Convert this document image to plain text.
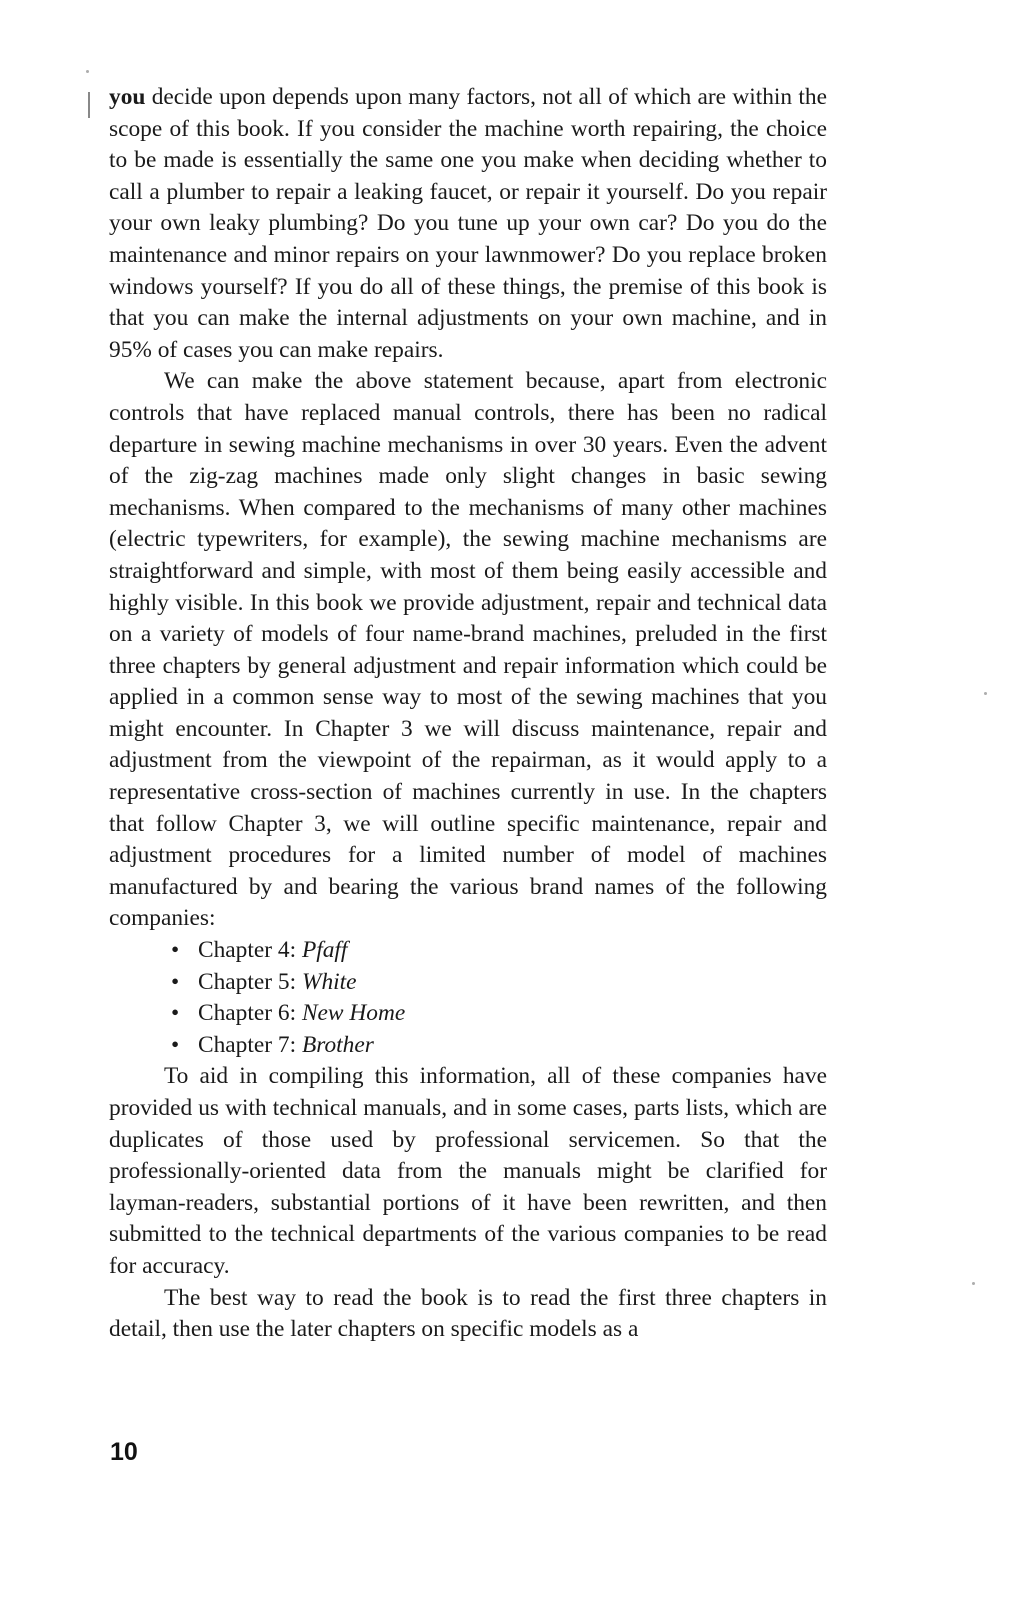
you decide upon depends upon many factors, not all of which are within the scope of this book. If you consider the machine worth repairing, the choice to be made is essentially the same one you make when deciding whether to call a plumber to repair a leaking faucet, or repair it yourself. Do you repair your own leaky plumbing? Do you tune up your own car? Do you do the maintenance and minor repairs on your lawnmower? Do you replace broken windows yourself? If you do all of these things, the premise of this book is that you can make the internal adjustments on your own machine, and in 95% of cases you can make repairs.

We can make the above statement because, apart from electronic controls that have replaced manual controls, there has been no radical departure in sewing machine mechanisms in over 30 years. Even the advent of the zig-zag machines made only slight changes in basic sewing mechanisms. When compared to the mechanisms of many other machines (electric typewriters, for example), the sewing machine mechanisms are straightforward and simple, with most of them being easily accessible and highly visible. In this book we provide adjustment, repair and technical data on a variety of models of four name-brand machines, preluded in the first three chapters by general adjustment and repair information which could be applied in a common sense way to most of the sewing machines that you might encounter. In Chapter 3 we will discuss maintenance, repair and adjustment from the viewpoint of the repairman, as it would apply to a representative cross-section of machines currently in use. In the chapters that follow Chapter 3, we will outline specific maintenance, repair and adjustment procedures for a limited number of model of machines manufactured by and bearing the various brand names of the following companies:

• Chapter 4: Pfaff
• Chapter 5: White
• Chapter 6: New Home
• Chapter 7: Brother

To aid in compiling this information, all of these companies have provided us with technical manuals, and in some cases, parts lists, which are duplicates of those used by professional servicemen. So that the professionally-oriented data from the manuals might be clarified for layman-readers, substantial portions of it have been rewritten, and then submitted to the technical departments of the various companies to be read for accuracy.

The best way to read the book is to read the first three chapters in detail, then use the later chapters on specific models as a

10
